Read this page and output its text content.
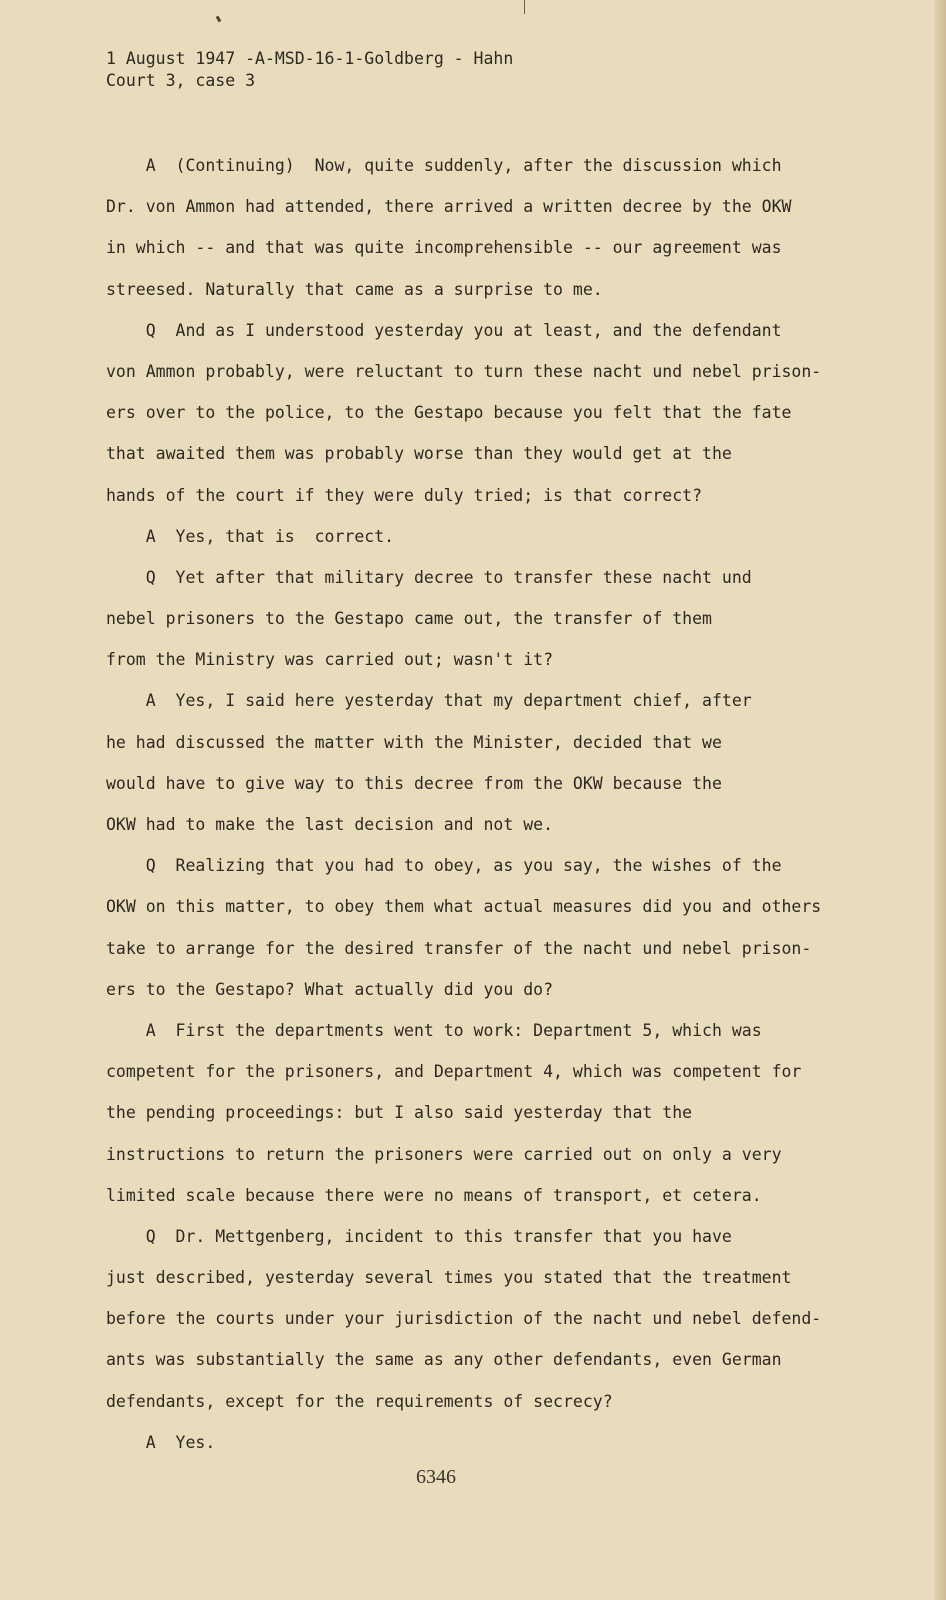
1 August 1947 -A-MSD-16-1-Goldberg - Hahn
Court 3, case 3
A  (Continuing)  Now, quite suddenly, after the discussion which
Dr. von Ammon had attended, there arrived a written decree by the OKW
in which -- and that was quite incomprehensible -- our agreement was
streesed. Naturally that came as a surprise to me.
Q  And as I understood yesterday you at least, and the defendant
von Ammon probably, were reluctant to turn these nacht und nebel prison-
ers over to the police, to the Gestapo because you felt that the fate
that awaited them was probably worse than they would get at the
hands of the court if they were duly tried; is that correct?
A  Yes, that is  correct.
Q  Yet after that military decree to transfer these nacht und
nebel prisoners to the Gestapo came out, the transfer of them
from the Ministry was carried out; wasn't it?
A  Yes, I said here yesterday that my department chief, after
he had discussed the matter with the Minister, decided that we
would have to give way to this decree from the OKW because the
OKW had to make the last decision and not we.
Q  Realizing that you had to obey, as you say, the wishes of the
OKW on this matter, to obey them what actual measures did you and others
take to arrange for the desired transfer of the nacht und nebel prison-
ers to the Gestapo? What actually did you do?
A  First the departments went to work: Department 5, which was
competent for the prisoners, and Department 4, which was competent for
the pending proceedings: but I also said yesterday that the
instructions to return the prisoners were carried out on only a very
limited scale because there were no means of transport, et cetera.
Q  Dr. Mettgenberg, incident to this transfer that you have
just described, yesterday several times you stated that the treatment
before the courts under your jurisdiction of the nacht und nebel defend-
ants was substantially the same as any other defendants, even German
defendants, except for the requirements of secrecy?
A  Yes.
6346
